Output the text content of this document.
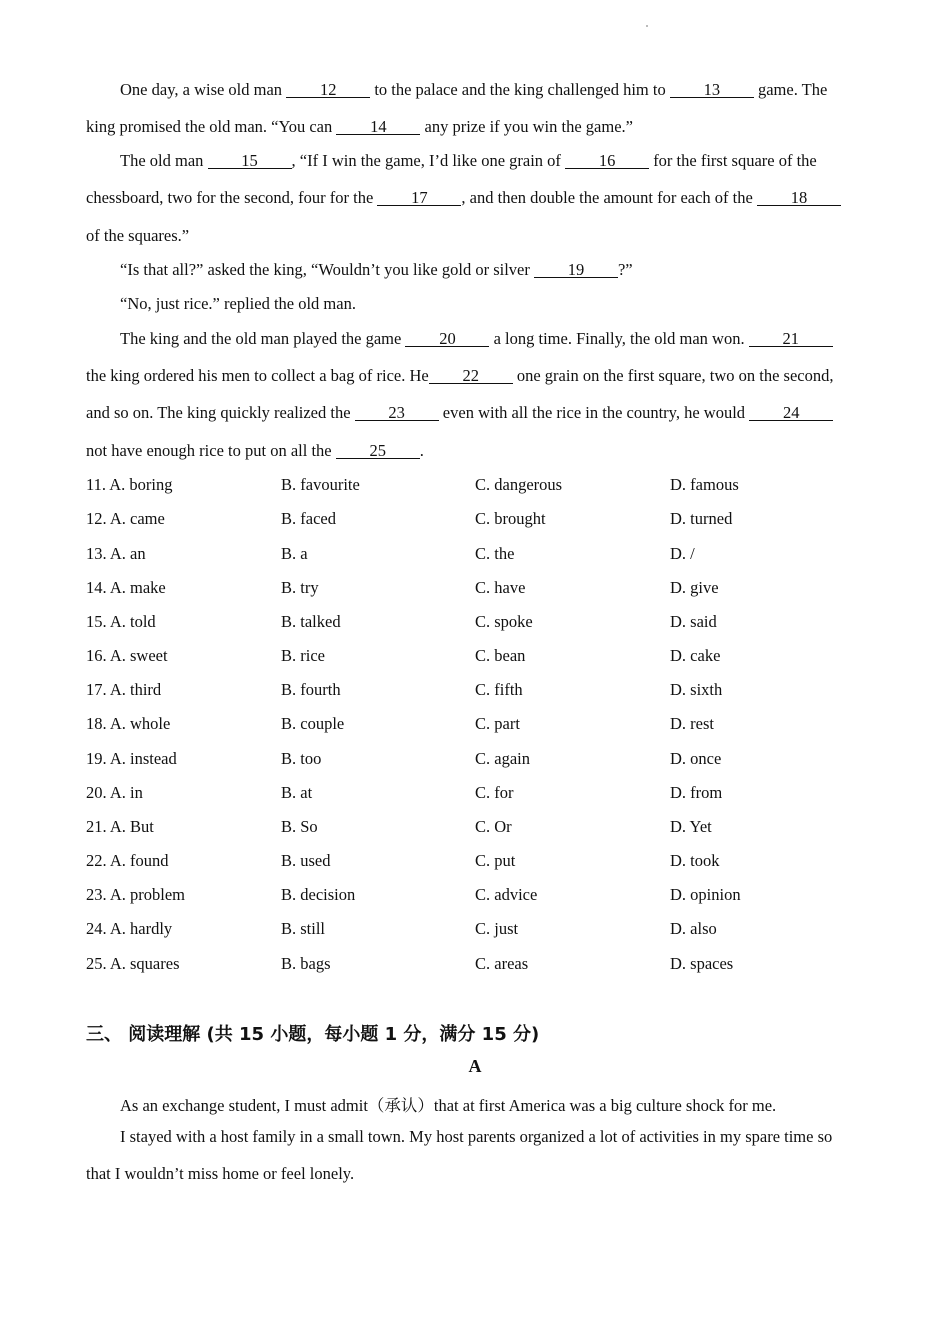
One day, a wise old man 12 to the palace and the king challenged him to 13 game. The
king promised the old man. “You can 14 any prize if you win the game.”
The old man 15 , “If I win the game, I’d like one grain of 16 for the first square of the
chessboard, two for the second, four for the 17 , and then double the amount for each of the 18
of the squares.”
“Is that all?” asked the king, “Wouldn’t you like gold or silver 19 ?”
“No, just rice.” replied the old man.
The king and the old man played the game 20 a long time. Finally, the old man won. 21
the king ordered his men to collect a bag of rice. He 22 one grain on the first square, two on the second,
and so on. The king quickly realized the 23 even with all the rice in the country, he would 24
not have enough rice to put on all the 25 .
11. A. boring	B. favourite	C. dangerous	D. famous
12. A. came	B. faced	C. brought	D. turned
13. A. an	B. a	C. the	D. /
14. A. make	B. try	C. have	D. give
15. A. told	B. talked	C. spoke	D. said
16. A. sweet	B. rice	C. bean	D. cake
17. A. third	B. fourth	C. fifth	D. sixth
18. A. whole	B. couple	C. part	D. rest
19. A. instead	B. too	C. again	D. once
20. A. in	B. at	C. for	D. from
21. A. But	B. So	C. Or	D. Yet
22. A. found	B. used	C. put	D. took
23. A. problem	B. decision	C. advice	D. opinion
24. A. hardly	B. still	C. just	D. also
25. A. squares	B. bags	C. areas	D. spaces
三、 阅读理解 (共 15 小题，每小题 1 分，满分 15 分)
A
As an exchange student, I must admit（承认）that at first America was a big culture shock for me.
I stayed with a host family in a small town. My host parents organized a lot of activities in my spare time so
that I wouldn’t miss home or feel lonely.
